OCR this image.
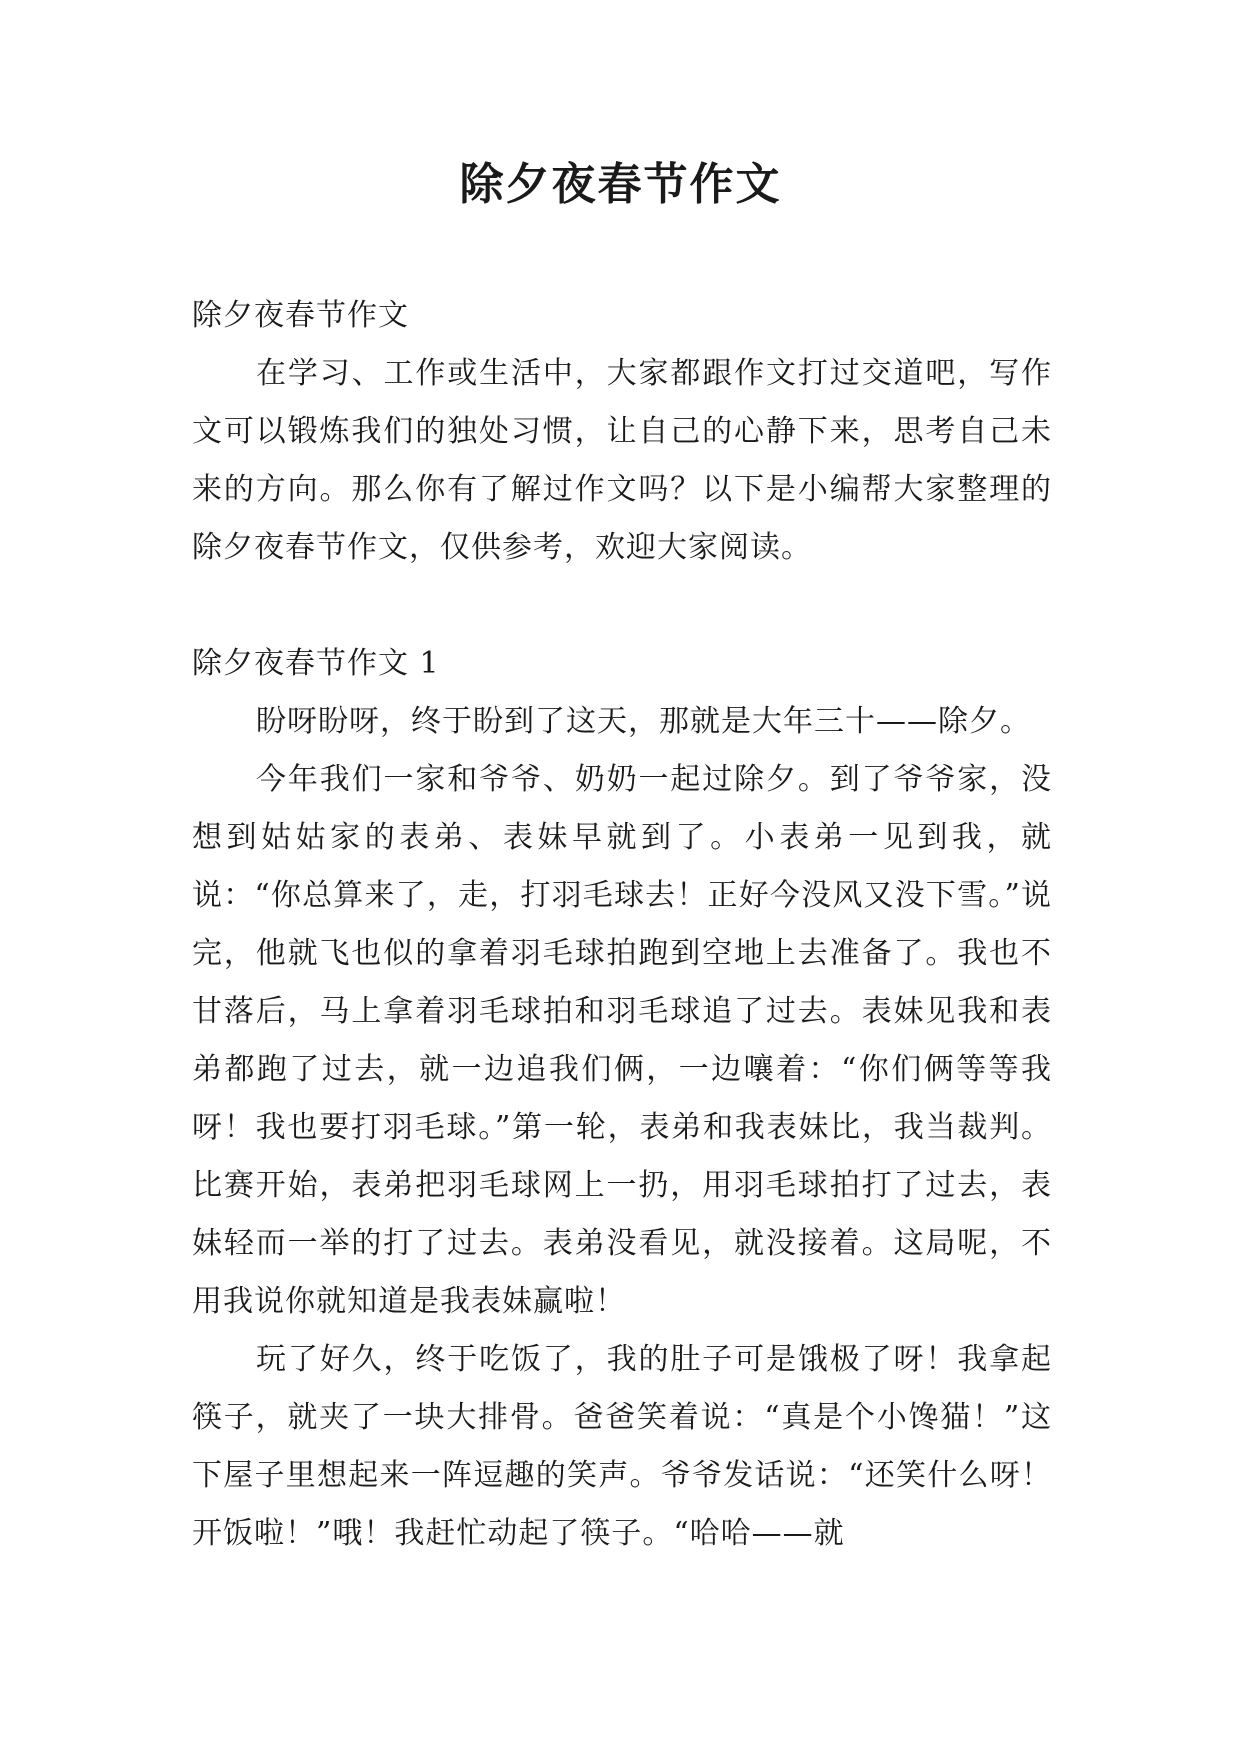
除夕夜春节作文

除夕夜春节作文

在学习、工作或生活中，大家都跟作文打过交道吧，写作文可以锻炼我们的独处习惯，让自己的心静下来，思考自己未来的方向。那么你有了解过作文吗？以下是小编帮大家整理的除夕夜春节作文，仅供参考，欢迎大家阅读。

除夕夜春节作文 1

盼呀盼呀，终于盼到了这天，那就是大年三十——除夕。

今年我们一家和爷爷、奶奶一起过除夕。到了爷爷家，没想到姑姑家的表弟、表妹早就到了。小表弟一见到我，就说：“你总算来了，走，打羽毛球去！正好今没风又没下雪。”说完，他就飞也似的拿着羽毛球拍跑到空地上去准备了。我也不甘落后，马上拿着羽毛球拍和羽毛球追了过去。表妹见我和表弟都跑了过去，就一边追我们俩，一边嚷着：“你们俩等等我呀！我也要打羽毛球。”第一轮，表弟和我表妹比，我当裁判。比赛开始，表弟把羽毛球网上一扔，用羽毛球拍打了过去，表妹轻而一举的打了过去。表弟没看见，就没接着。这局呢，不用我说你就知道是我表妹赢啦！

玩了好久，终于吃饭了，我的肚子可是饿极了呀！我拿起筷子，就夹了一块大排骨。爸爸笑着说：“真是个小馋猫！”这下屋子里想起来一阵逗趣的笑声。爷爷发话说：“还笑什么呀！开饭啦！”哦！我赶忙动起了筷子。“哈哈——就
